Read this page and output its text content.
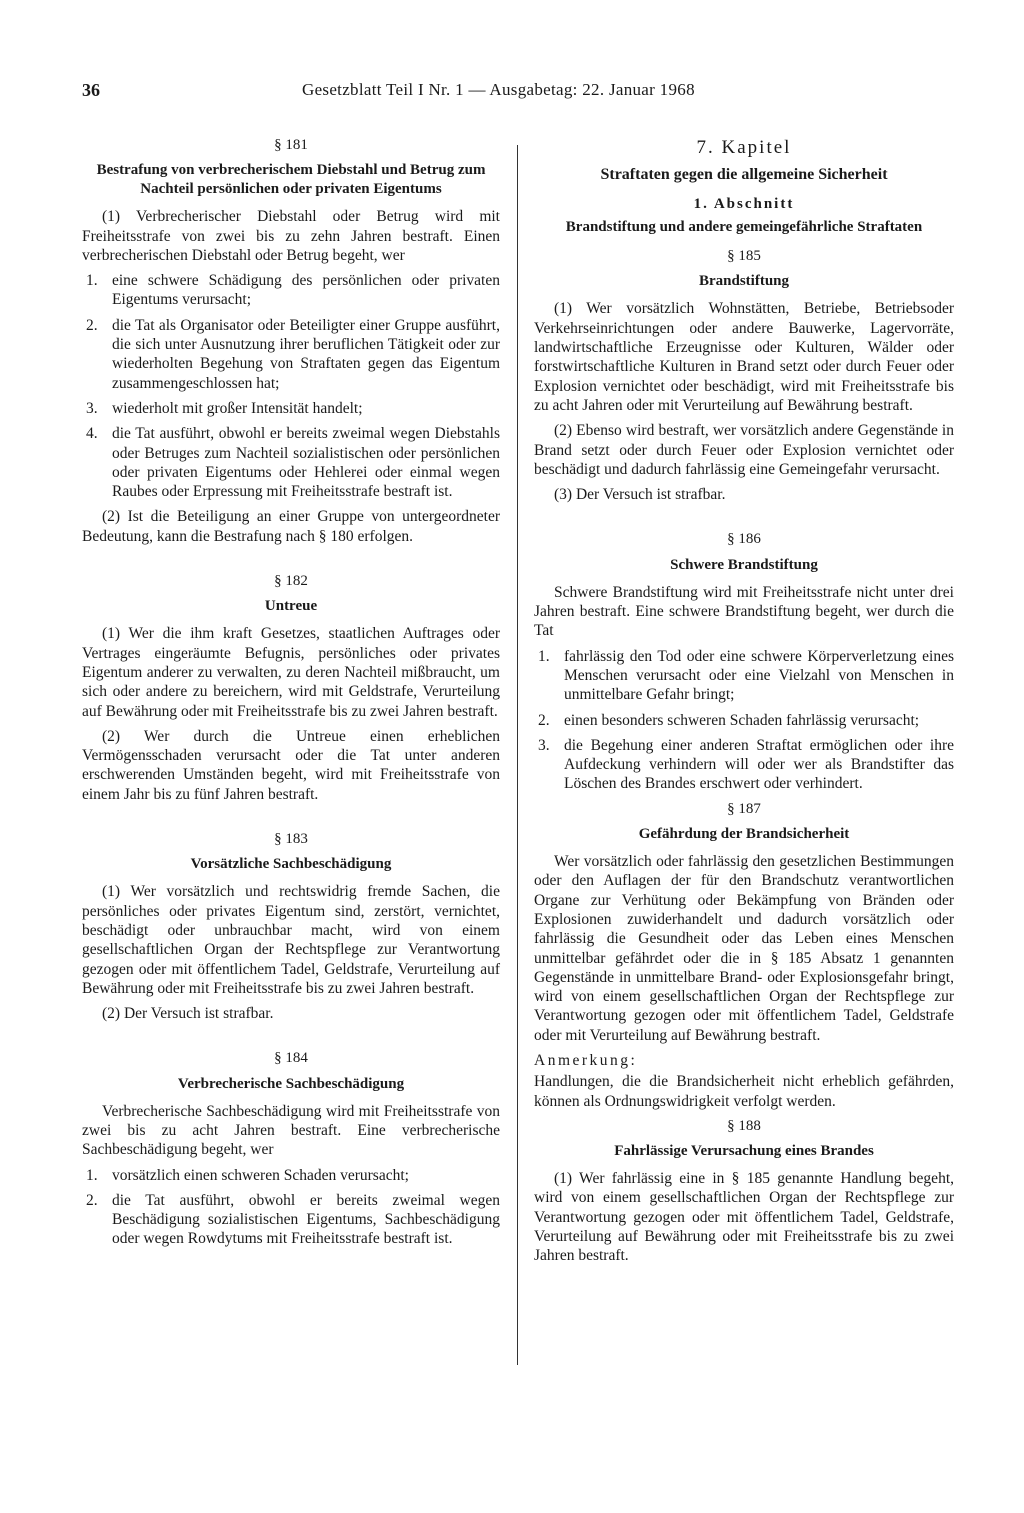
36	Gesetzblatt Teil I Nr. 1 — Ausgabetag: 22. Januar 1968
§ 181
Bestrafung von verbrecherischem Diebstahl und Betrug zum Nachteil persönlichen oder privaten Eigentums

(1) Verbrecherischer Diebstahl oder Betrug wird mit Freiheitsstrafe von zwei bis zu zehn Jahren bestraft. Einen verbrecherischen Diebstahl oder Betrug begeht, wer

1. eine schwere Schädigung des persönlichen oder privaten Eigentums verursacht;
2. die Tat als Organisator oder Beteiligter einer Gruppe ausführt, die sich unter Ausnutzung ihrer beruflichen Tätigkeit oder zur wiederholten Begehung von Straftaten gegen das Eigentum zusammengeschlossen hat;
3. wiederholt mit großer Intensität handelt;
4. die Tat ausführt, obwohl er bereits zweimal wegen Diebstahls oder Betruges zum Nachteil sozialistischen oder persönlichen oder privaten Eigentums oder Hehlerei oder einmal wegen Raubes oder Erpressung mit Freiheitsstrafe bestraft ist.

(2) Ist die Beteiligung an einer Gruppe von untergeordneter Bedeutung, kann die Bestrafung nach § 180 erfolgen.

§ 182
Untreue

(1) Wer die ihm kraft Gesetzes, staatlichen Auftrages oder Vertrages eingeräumte Befugnis, persönliches oder privates Eigentum anderer zu verwalten, zu deren Nachteil mißbraucht, um sich oder andere zu bereichern, wird mit Geldstrafe, Verurteilung auf Bewährung oder mit Freiheitsstrafe bis zu zwei Jahren bestraft.

(2) Wer durch die Untreue einen erheblichen Vermögensschaden verursacht oder die Tat unter anderen erschwerenden Umständen begeht, wird mit Freiheitsstrafe von einem Jahr bis zu fünf Jahren bestraft.

§ 183
Vorsätzliche Sachbeschädigung

(1) Wer vorsätzlich und rechtswidrig fremde Sachen, die persönliches oder privates Eigentum sind, zerstört, vernichtet, beschädigt oder unbrauchbar macht, wird von einem gesellschaftlichen Organ der Rechtspflege zur Verantwortung gezogen oder mit öffentlichem Tadel, Geldstrafe, Verurteilung auf Bewährung oder mit Freiheitsstrafe bis zu zwei Jahren bestraft.

(2) Der Versuch ist strafbar.

§ 184
Verbrecherische Sachbeschädigung

Verbrecherische Sachbeschädigung wird mit Freiheitsstrafe von zwei bis zu acht Jahren bestraft. Eine verbrecherische Sachbeschädigung begeht, wer

1. vorsätzlich einen schweren Schaden verursacht;
2. die Tat ausführt, obwohl er bereits zweimal wegen Beschädigung sozialistischen Eigentums, Sachbeschädigung oder wegen Rowdytums mit Freiheitsstrafe bestraft ist.
7. Kapitel
Straftaten gegen die allgemeine Sicherheit
1. Abschnitt
Brandstiftung und andere gemeingefährliche Straftaten
§ 185
Brandstiftung

(1) Wer vorsätzlich Wohnstätten, Betriebe, Betriebsoder Verkehrseinrichtungen oder andere Bauwerke, Lagervorräte, landwirtschaftliche Erzeugnisse oder Kulturen, Wälder oder forstwirtschaftliche Kulturen in Brand setzt oder durch Feuer oder Explosion vernichtet oder beschädigt, wird mit Freiheitsstrafe bis zu acht Jahren oder mit Verurteilung auf Bewährung bestraft.

(2) Ebenso wird bestraft, wer vorsätzlich andere Gegenstände in Brand setzt oder durch Feuer oder Explosion vernichtet oder beschädigt und dadurch fahrlässig eine Gemeingefahr verursacht.

(3) Der Versuch ist strafbar.

§ 186
Schwere Brandstiftung

Schwere Brandstiftung wird mit Freiheitsstrafe nicht unter drei Jahren bestraft. Eine schwere Brandstiftung begeht, wer durch die Tat

1. fahrlässig den Tod oder eine schwere Körperverletzung eines Menschen verursacht oder eine Vielzahl von Menschen in unmittelbare Gefahr bringt;
2. einen besonders schweren Schaden fahrlässig verursacht;
3. die Begehung einer anderen Straftat ermöglichen oder ihre Aufdeckung verhindern will oder wer als Brandstifter das Löschen des Brandes erschwert oder verhindert.
§ 187
Gefährdung der Brandsicherheit

Wer vorsätzlich oder fahrlässig den gesetzlichen Bestimmungen oder den Auflagen der für den Brandschutz verantwortlichen Organe zur Verhütung oder Bekämpfung von Bränden oder Explosionen zuwiderhandelt und dadurch vorsätzlich oder fahrlässig die Gesundheit oder das Leben eines Menschen unmittelbar gefährdet oder die in § 185 Absatz 1 genannten Gegenstände in unmittelbare Brand- oder Explosionsgefahr bringt, wird von einem gesellschaftlichen Organ der Rechtspflege zur Verantwortung gezogen oder mit öffentlichem Tadel, Geldstrafe oder mit Verurteilung auf Bewährung bestraft.

Anmerkung:

Handlungen, die die Brandsicherheit nicht erheblich gefährden, können als Ordnungswidrigkeit verfolgt werden.

§ 188
Fahrlässige Verursachung eines Brandes

(1) Wer fahrlässig eine in § 185 genannte Handlung begeht, wird von einem gesellschaftlichen Organ der Rechtspflege zur Verantwortung gezogen oder mit öffentlichem Tadel, Geldstrafe, Verurteilung auf Bewährung oder mit Freiheitsstrafe bis zu zwei Jahren bestraft.
